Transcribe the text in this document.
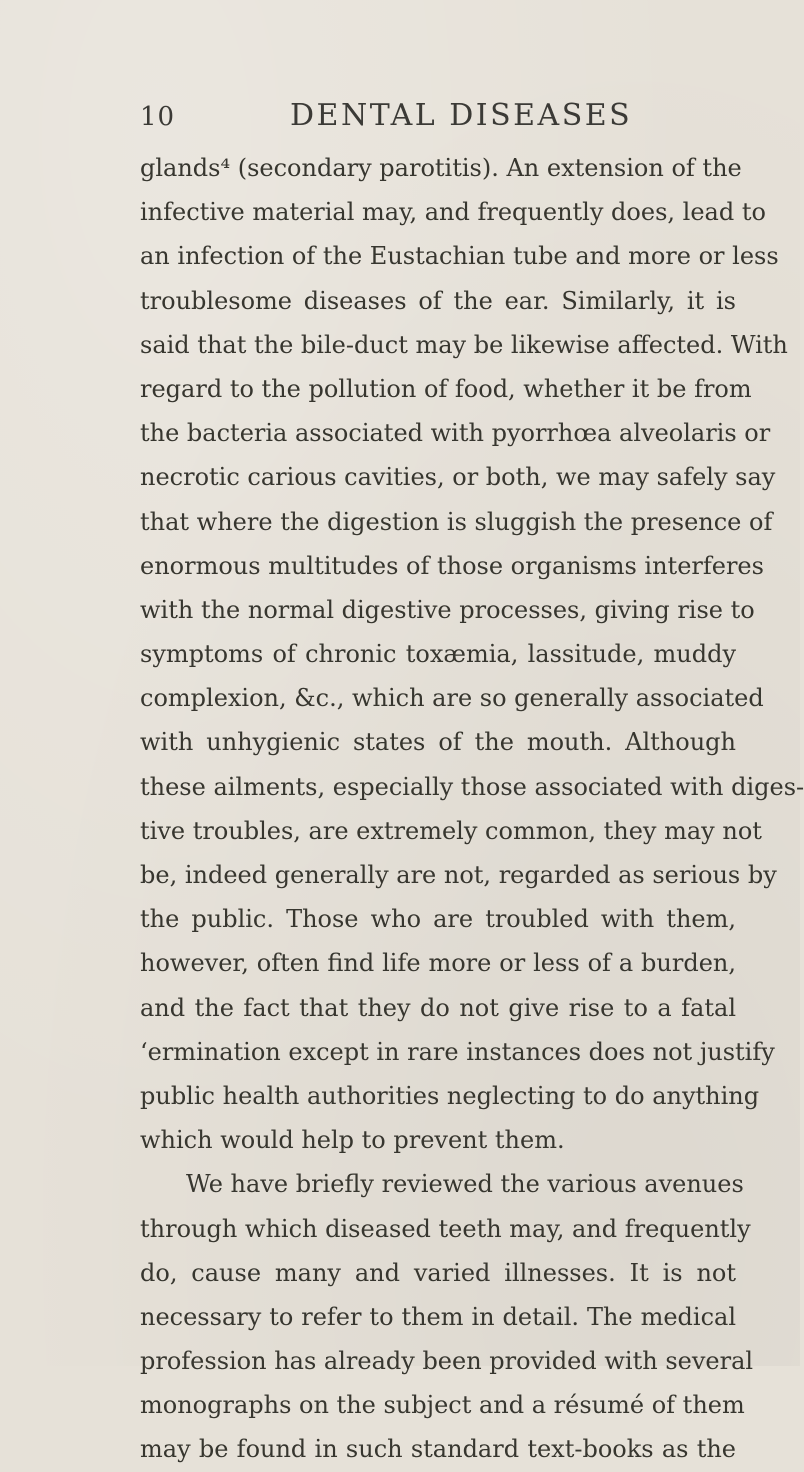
10	DENTAL DISEASES
glands⁴ (secondary parotitis). An extension of the
infective material may, and frequently does, lead to
an infection of the Eustachian tube and more or less
troublesome diseases of the ear. Similarly, it is
said that the bile-duct may be likewise affected. With
regard to the pollution of food, whether it be from
the bacteria associated with pyorrhœa alveolaris or
necrotic carious cavities, or both, we may safely say
that where the digestion is sluggish the presence of
enormous multitudes of those organisms interferes
with the normal digestive processes, giving rise to
symptoms of chronic toxæmia, lassitude, muddy
complexion, &c., which are so generally associated
with unhygienic states of the mouth. Although
these ailments, especially those associated with diges-
tive troubles, are extremely common, they may not
be, indeed generally are not, regarded as serious by
the public. Those who are troubled with them,
however, often find life more or less of a burden,
and the fact that they do not give rise to a fatal
‘ermination except in rare instances does not justify
public health authorities neglecting to do anything
which would help to prevent them.
We have briefly reviewed the various avenues
through which diseased teeth may, and frequently
do, cause many and varied illnesses. It is not
necessary to refer to them in detail. The medical
profession has already been provided with several
monographs on the subject and a résumé of them
may be found in such standard text-books as the
